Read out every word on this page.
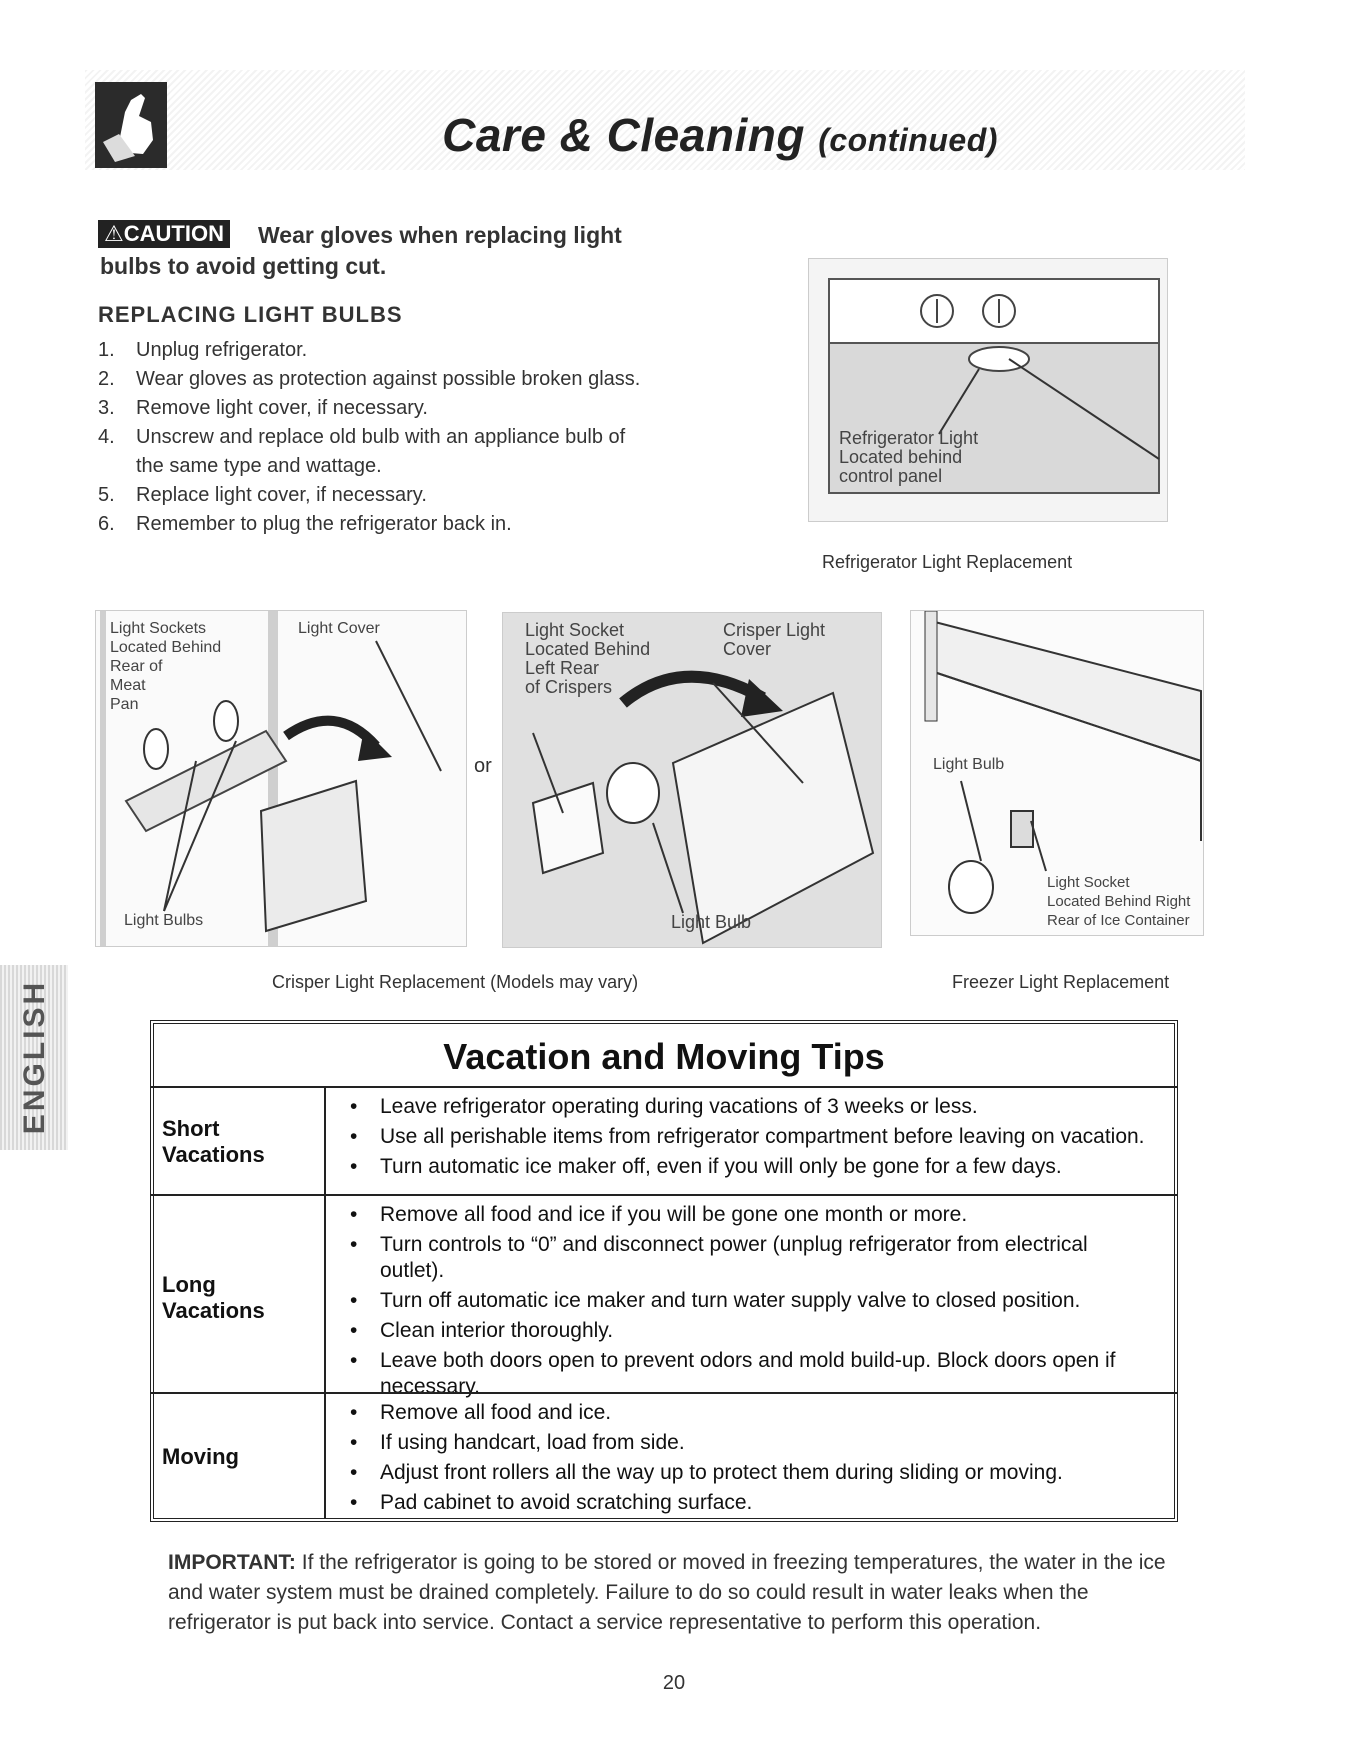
Care & Cleaning (continued)
Wear gloves when replacing light bulbs to avoid getting cut.
⚠CAUTION
REPLACING LIGHT BULBS
1. Unplug refrigerator.
2. Wear gloves as protection against possible broken glass.
3. Remove light cover, if necessary.
4. Unscrew and replace old bulb with an appliance bulb of the same type and wattage.
5. Replace light cover, if necessary.
6. Remember to plug the refrigerator back in.
Refrigerator Light
Located behind
control panel
Refrigerator Light Replacement
Light Sockets
Located Behind
Rear of
Meat
Pan
Light Cover
Light Bulbs
or
Light Socket
Located Behind
Left Rear
of Crispers
Crisper Light
Cover
Light Bulb
Crisper Light Replacement (Models may vary)
Light Bulb
Light Socket
Located Behind Right
Rear of Ice Container
Freezer Light Replacement
ENGLISH	Vacation and Moving Tips
Short
Vacations
• Leave refrigerator operating during vacations of 3 weeks or less.
• Use all perishable items from refrigerator compartment before leaving on vacation.
• Turn automatic ice maker off, even if you will only be gone for a few days.
Long
Vacations
• Remove all food and ice if you will be gone one month or more.
• Turn controls to “0” and disconnect power (unplug refrigerator from electrical outlet).
• Turn off automatic ice maker and turn water supply valve to closed position.
• Clean interior thoroughly.
• Leave both doors open to prevent odors and mold build-up. Block doors open if necessary.
Moving
• Remove all food and ice.
• If using handcart, load from side.
• Adjust front rollers all the way up to protect them during sliding or moving.
• Pad cabinet to avoid scratching surface.
IMPORTANT: If the refrigerator is going to be stored or moved in freezing temperatures, the water in the ice and water system must be drained completely. Failure to do so could result in water leaks when the refrigerator is put back into service. Contact a service representative to perform this operation.
20
